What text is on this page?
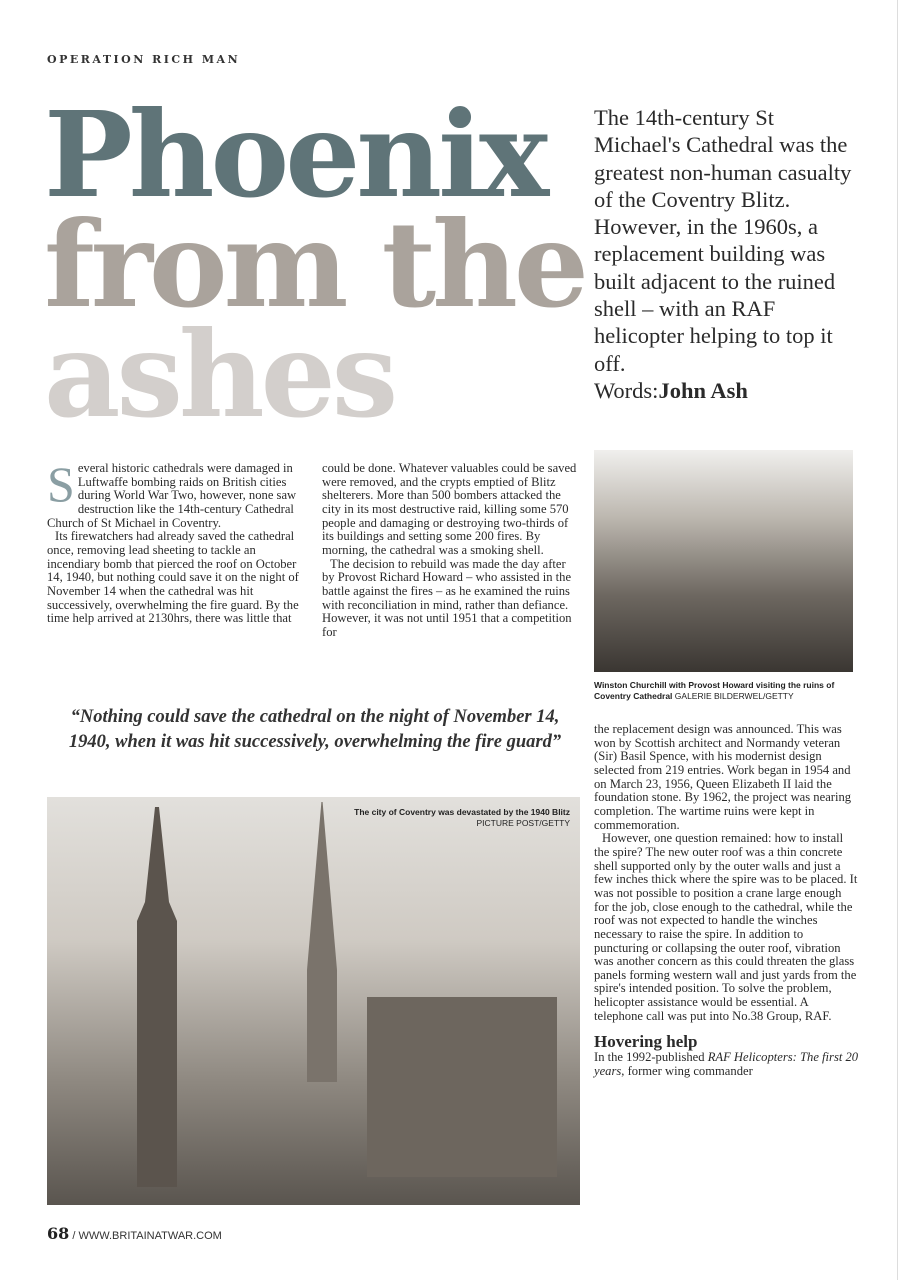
OPERATION RICH MAN
Phoenix
from the
ashes
The 14th-century St Michael's Cathedral was the greatest non-human casualty of the Coventry Blitz. However, in the 1960s, a replacement building was built adjacent to the ruined shell – with an RAF helicopter helping to top it off.
Words:John Ash

Several historic cathedrals were damaged in Luftwaffe bombing raids on British cities during World War Two, however, none saw destruction like the 14th-century Cathedral Church of St Michael in Coventry.

Its firewatchers had already saved the cathedral once, removing lead sheeting to tackle an incendiary bomb that pierced the roof on October 14, 1940, but nothing could save it on the night of November 14 when the cathedral was hit successively, overwhelming the fire guard. By the time help arrived at 2130hrs, there was little that

could be done. Whatever valuables could be saved were removed, and the crypts emptied of Blitz shelterers. More than 500 bombers attacked the city in its most destructive raid, killing some 570 people and damaging or destroying two-thirds of its buildings and setting some 200 fires. By morning, the cathedral was a smoking shell.

The decision to rebuild was made the day after by Provost Richard Howard – who assisted in the battle against the fires – as he examined the ruins with reconciliation in mind, rather than defiance. However, it was not until 1951 that a competition for

“Nothing could save the cathedral on the night of November 14, 1940, when it was hit successively, overwhelming the fire guard”
The city of Coventry was devastated by the 1940 Blitz PICTURE POST/GETTY
Winston Churchill with Provost Howard visiting the ruins of Coventry Cathedral GALERIE BILDERWEL/GETTY

the replacement design was announced. This was won by Scottish architect and Normandy veteran (Sir) Basil Spence, with his modernist design selected from 219 entries. Work began in 1954 and on March 23, 1956, Queen Elizabeth II laid the foundation stone. By 1962, the project was nearing completion. The wartime ruins were kept in commemoration.

However, one question remained: how to install the spire? The new outer roof was a thin concrete shell supported only by the outer walls and just a few inches thick where the spire was to be placed. It was not possible to position a crane large enough for the job, close enough to the cathedral, while the roof was not expected to handle the winches necessary to raise the spire. In addition to puncturing or collapsing the outer roof, vibration was another concern as this could threaten the glass panels forming western wall and just yards from the spire's intended position. To solve the problem, helicopter assistance would be essential. A telephone call was put into No.38 Group, RAF.

Hovering help
In the 1992-published RAF Helicopters: The first 20 years, former wing commander
68 / WWW.BRITAINATWAR.COM
